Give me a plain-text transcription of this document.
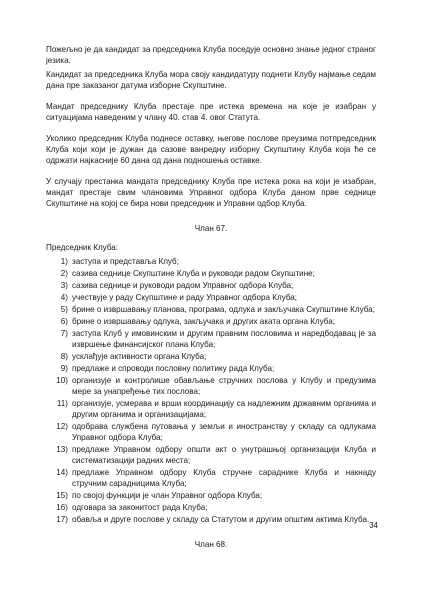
Пожељно је да кандидат за председника Клуба поседује основно знање једног страног језика.

Кандидат за председника Клуба мора своју кандидатуру поднети Клубу најмање седам дана пре заказаног датума изборне Скупштине.

Мандат председнику Клуба престаје пре истека времена на које је изабран у ситуацијама наведеним у члану 40. став 4. овог Статута.

Уколико председник Клуба поднесе оставку, његове послове преузима потпредседник Клуба који који је дужан да сазове ванредну изборну Скупштину Клуба која ће се одржати најкасније 60 дана од дана подношења оставке.

У случају престанка мандата председнику Клуба пре истека рока на који је изабран, мандат престаје свим члановима Управног одбора Клуба даном прве седнице Скупштине на којој се бира нови председник и Управни одбор Клуба.

Члан 67.
Председник Клуба:
1) заступа и представља Клуб;
2) сазива седнице Скупштине Клуба и руководи радом Скупштине;
3) сазива седнице и руководи радом Управног одбора Клуба;
4) учествује у раду Скупштине и раду Управног одбора Клуба;
5) брине о извршавању планова, програма, одлука и закључака Скупштине Клуба;
6) брине о извршавању одлука, закључака и других аката органа Клуба;
7) заступа Клуб у имовинским и другим правним пословима и наредбодавац је за извршење финансијског плана Клуба;
8) усклађује активности органа Клуба;
9) предлаже и спроводи пословну политику рада Клуба;
10) организује и контролише обављање стручних послова у Клубу и предузима мере за унапређење тих послова;
11) организује, усмерава и врши координацију са надлежним државним органима и другим органима и организацијама;
12) одобрава службена путовања у земљи и иностранству у складу са одлукама Управног одбора Клуба;
13) предлаже Управном одбору општи акт о унутрашњој организацији Клуба и систематизацији радних места;
14) предлаже Управном одбору Клуба стручне сараднике Клуба и накнаду стручним сарадницима Клуба;
15) по својој функцији је члан Управног одбора Клуба;
16) одговара за законитост рада Клуба;
17) обавља и друге послове у складу са Статутом и другим општим актима Клуба.
Члан 68.
34
